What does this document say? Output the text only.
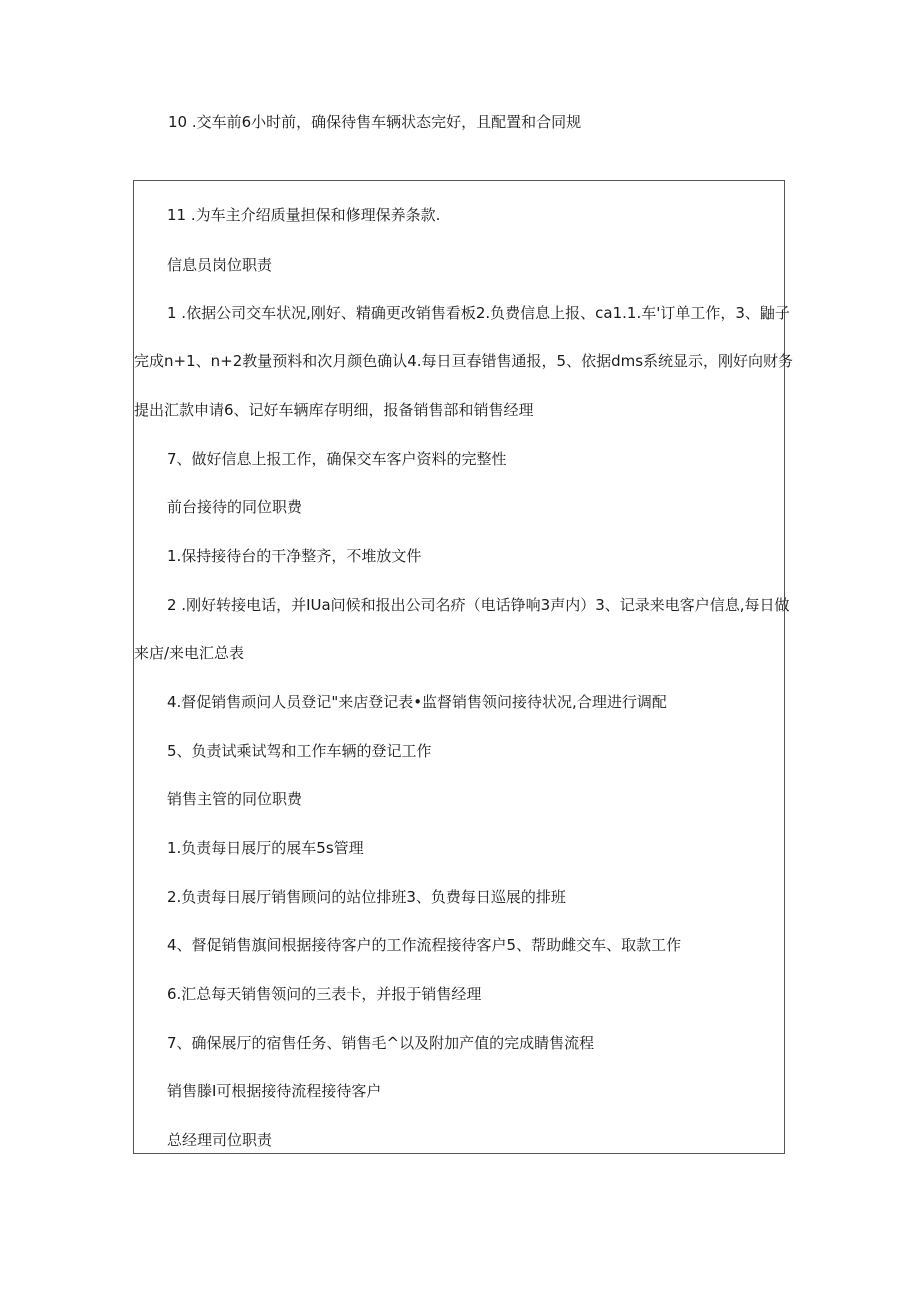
10 .交车前6小时前，确保待售车辆状态完好，且配置和合同规
11 .为车主介绍质量担保和修理保养条款.
信息员岗位职责
1 .依据公司交车状况,刚好、精确更改销售看板2.负费信息上报、ca1.1.车'订单工作，3、鼬子
完成n+1、n+2教量预料和次月颜色确认4.每日亘春错售通报，5、依据dms系统显示，刚好向财务
提出汇款申请6、记好车辆库存明细，报备销售部和销售经理
7、做好信息上报工作，确保交车客户资料的完整性
前台接待的同位职费
1.保持接待台的干净整齐，不堆放文件
2 .刚好转接电话，并IUa问候和报出公司名疥（电话铮响3声内）3、记录来电客户信息,每日做
来店/来电汇总表
4.督促销售顽问人员登记"来店登记表•监督销售领问接待状况,合理进行调配
5、负责试乘试驾和工作车辆的登记工作
销售主管的同位职费
1.负责每日展厅的展车5s管理
2.负责每日展厅销售顾问的站位排班3、负费每日巡展的排班
4、督促销售旗间根据接待客户的工作流程接待客户5、帮助雌交车、取款工作
6.汇总每天销售领问的三表卡，并报于销售经理
7、确保展厅的宿售任务、销售毛^以及附加产值的完成睛售流程
销售滕I可根据接待流程接待客户
总经理司位职责
